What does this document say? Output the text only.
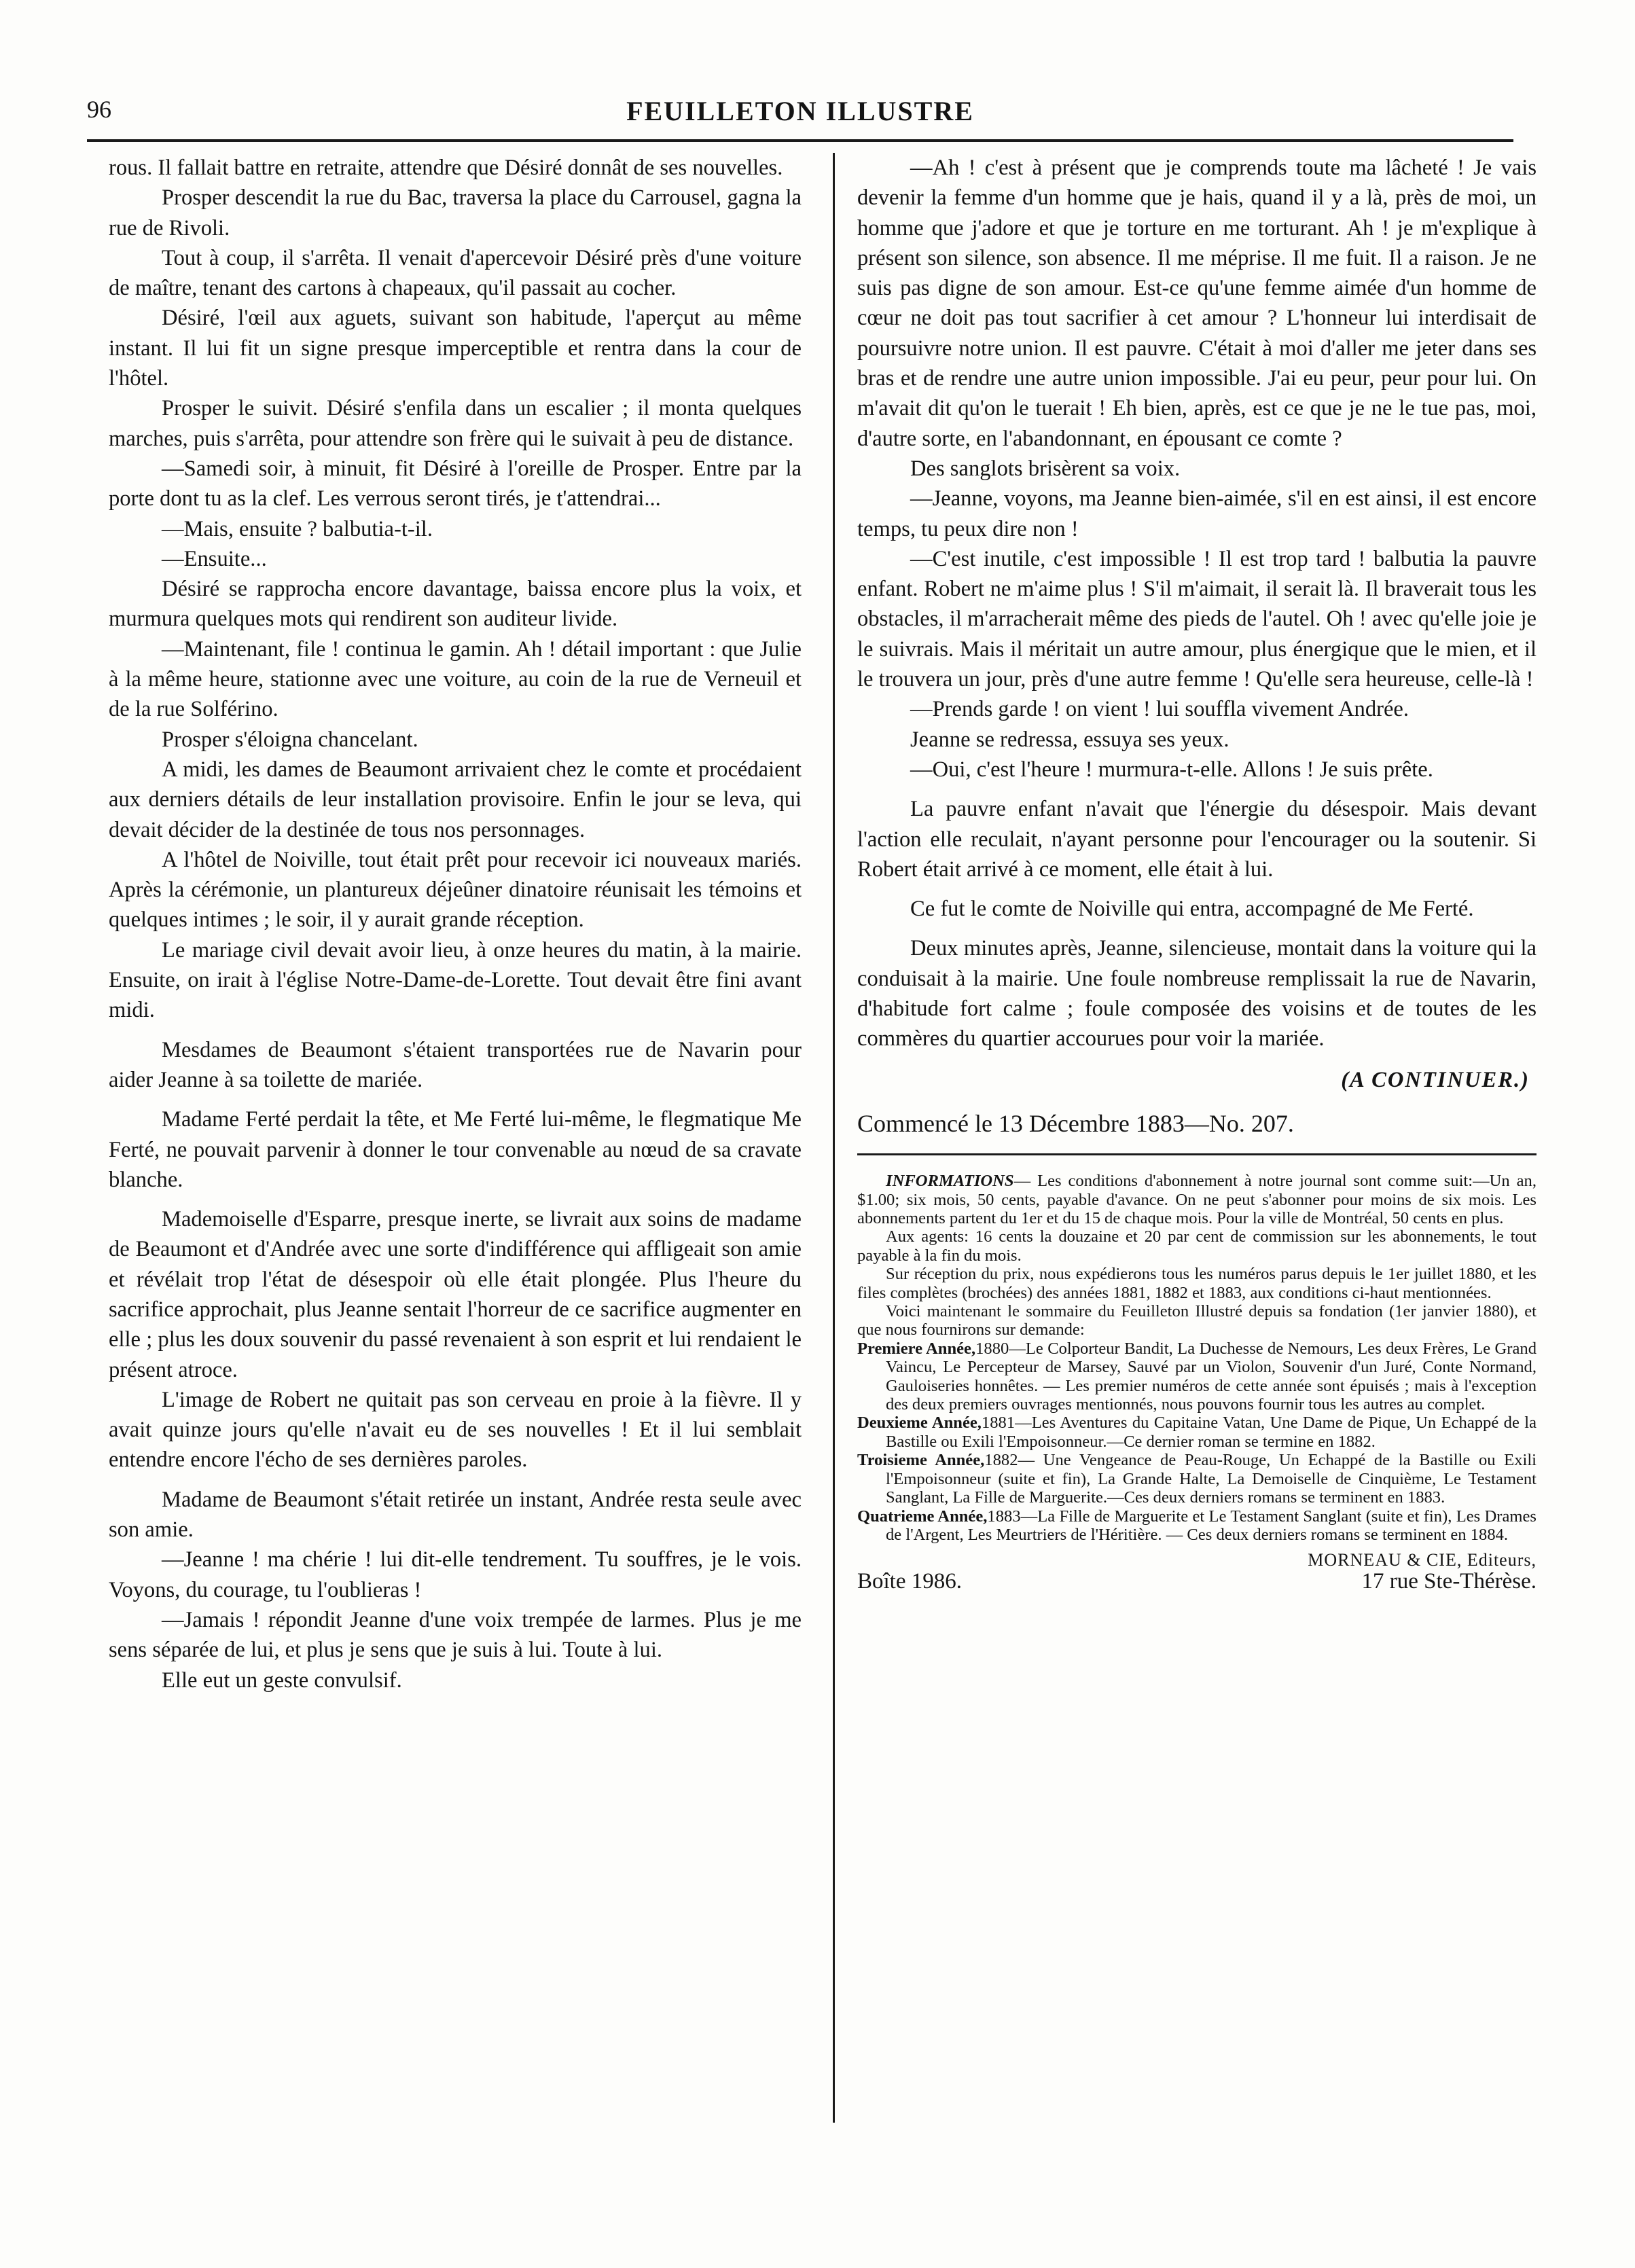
96	FEUILLETON ILLUSTRE

rous. Il fallait battre en retraite, attendre que Désiré donnât de ses nouvelles.

Prosper descendit la rue du Bac, traversa la place du Carrousel, gagna la rue de Rivoli.

Tout à coup, il s'arrêta. Il venait d'apercevoir Désiré près d'une voiture de maître, tenant des cartons à chapeaux, qu'il passait au cocher.

Désiré, l'œil aux aguets, suivant son habitude, l'aperçut au même instant. Il lui fit un signe presque imperceptible et rentra dans la cour de l'hôtel.

Prosper le suivit. Désiré s'enfila dans un escalier ; il monta quelques marches, puis s'arrêta, pour attendre son frère qui le suivait à peu de distance.

—Samedi soir, à minuit, fit Désiré à l'oreille de Prosper. Entre par la porte dont tu as la clef. Les verrous seront tirés, je t'attendrai...

—Mais, ensuite ? balbutia-t-il.

—Ensuite...

Désiré se rapprocha encore davantage, baissa encore plus la voix, et murmura quelques mots qui rendirent son auditeur livide.

—Maintenant, file ! continua le gamin. Ah ! détail important : que Julie à la même heure, stationne avec une voiture, au coin de la rue de Verneuil et de la rue Solférino.

Prosper s'éloigna chancelant.

A midi, les dames de Beaumont arrivaient chez le comte et procédaient aux derniers détails de leur installation provisoire. Enfin le jour se leva, qui devait décider de la destinée de tous nos personnages.

A l'hôtel de Noiville, tout était prêt pour recevoir ici nouveaux mariés. Après la cérémonie, un plantureux déjeûner dinatoire réunisait les témoins et quelques intimes ; le soir, il y aurait grande réception.

Le mariage civil devait avoir lieu, à onze heures du matin, à la mairie. Ensuite, on irait à l'église Notre-Dame-de-Lorette. Tout devait être fini avant midi.

Mesdames de Beaumont s'étaient transportées rue de Navarin pour aider Jeanne à sa toilette de mariée.

Madame Ferté perdait la tête, et Me Ferté lui-même, le flegmatique Me Ferté, ne pouvait parvenir à donner le tour convenable au nœud de sa cravate blanche.

Mademoiselle d'Esparre, presque inerte, se livrait aux soins de madame de Beaumont et d'Andrée avec une sorte d'indifférence qui affligeait son amie et révélait trop l'état de désespoir où elle était plongée. Plus l'heure du sacrifice approchait, plus Jeanne sentait l'horreur de ce sacrifice augmenter en elle ; plus les doux souvenir du passé revenaient à son esprit et lui rendaient le présent atroce.

L'image de Robert ne quitait pas son cerveau en proie à la fièvre. Il y avait quinze jours qu'elle n'avait eu de ses nouvelles ! Et il lui semblait entendre encore l'écho de ses dernières paroles.

Madame de Beaumont s'était retirée un instant, Andrée resta seule avec son amie.

—Jeanne ! ma chérie ! lui dit-elle tendrement. Tu souffres, je le vois. Voyons, du courage, tu l'oublieras !

—Jamais ! répondit Jeanne d'une voix trempée de larmes. Plus je me sens séparée de lui, et plus je sens que je suis à lui. Toute à lui.

Elle eut un geste convulsif.

—Ah ! c'est à présent que je comprends toute ma lâcheté ! Je vais devenir la femme d'un homme que je hais, quand il y a là, près de moi, un homme que j'adore et que je torture en me torturant. Ah ! je m'explique à présent son silence, son absence. Il me méprise. Il me fuit. Il a raison. Je ne suis pas digne de son amour. Est-ce qu'une femme aimée d'un homme de cœur ne doit pas tout sacrifier à cet amour ? L'honneur lui interdisait de poursuivre notre union. Il est pauvre. C'était à moi d'aller me jeter dans ses bras et de rendre une autre union impossible. J'ai eu peur, peur pour lui. On m'avait dit qu'on le tuerait ! Eh bien, après, est ce que je ne le tue pas, moi, d'autre sorte, en l'abandonnant, en épousant ce comte ?

Des sanglots brisèrent sa voix.

—Jeanne, voyons, ma Jeanne bien-aimée, s'il en est ainsi, il est encore temps, tu peux dire non !

—C'est inutile, c'est impossible ! Il est trop tard ! balbutia la pauvre enfant. Robert ne m'aime plus ! S'il m'aimait, il serait là. Il braverait tous les obstacles, il m'arracherait même des pieds de l'autel. Oh ! avec qu'elle joie je le suivrais. Mais il méritait un autre amour, plus énergique que le mien, et il le trouvera un jour, près d'une autre femme ! Qu'elle sera heureuse, celle-là !

—Prends garde ! on vient ! lui souffla vivement Andrée.

Jeanne se redressa, essuya ses yeux.

—Oui, c'est l'heure ! murmura-t-elle. Allons ! Je suis prête.

La pauvre enfant n'avait que l'énergie du désespoir. Mais devant l'action elle reculait, n'ayant personne pour l'encourager ou la soutenir. Si Robert était arrivé à ce moment, elle était à lui.

Ce fut le comte de Noiville qui entra, accompagné de Me Ferté.

Deux minutes après, Jeanne, silencieuse, montait dans la voiture qui la conduisait à la mairie. Une foule nombreuse remplissait la rue de Navarin, d'habitude fort calme ; foule composée des voisins et de toutes de les commères du quartier accourues pour voir la mariée.

(A CONTINUER.)
Commencé le 13 Décembre 1883—No. 207.

INFORMATIONS— Les conditions d'abonnement à notre journal sont comme suit:—Un an, $1.00; six mois, 50 cents, payable d'avance. On ne peut s'abonner pour moins de six mois. Les abonnements partent du 1er et du 15 de chaque mois. Pour la ville de Montréal, 50 cents en plus.

Aux agents: 16 cents la douzaine et 20 par cent de commission sur les abonnements, le tout payable à la fin du mois.

Sur réception du prix, nous expédierons tous les numéros parus depuis le 1er juillet 1880, et les files complètes (brochées) des années 1881, 1882 et 1883, aux conditions ci-haut mentionnées.

Voici maintenant le sommaire du Feuilleton Illustré depuis sa fondation (1er janvier 1880), et que nous fournirons sur demande:

Premiere Année,1880—Le Colporteur Bandit, La Duchesse de Nemours, Les deux Frères, Le Grand Vaincu, Le Percepteur de Marsey, Sauvé par un Violon, Souvenir d'un Juré, Conte Normand, Gauloiseries honnêtes. — Les premier numéros de cette année sont épuisés ; mais à l'exception des deux premiers ouvrages mentionnés, nous pouvons fournir tous les autres au complet.

Deuxieme Année,1881—Les Aventures du Capitaine Vatan, Une Dame de Pique, Un Echappé de la Bastille ou Exili l'Empoisonneur.—Ce dernier roman se termine en 1882.

Troisieme Année,1882— Une Vengeance de Peau-Rouge, Un Echappé de la Bastille ou Exili l'Empoisonneur (suite et fin), La Grande Halte, La Demoiselle de Cinquième, Le Testament Sanglant, La Fille de Marguerite.—Ces deux derniers romans se terminent en 1883.

Quatrieme Année,1883—La Fille de Marguerite et Le Testament Sanglant (suite et fin), Les Drames de l'Argent, Les Meurtriers de l'Héritière. — Ces deux derniers romans se terminent en 1884.

MORNEAU & CIE, Editeurs,
Boîte 1986.	17 rue Ste-Thérèse.
